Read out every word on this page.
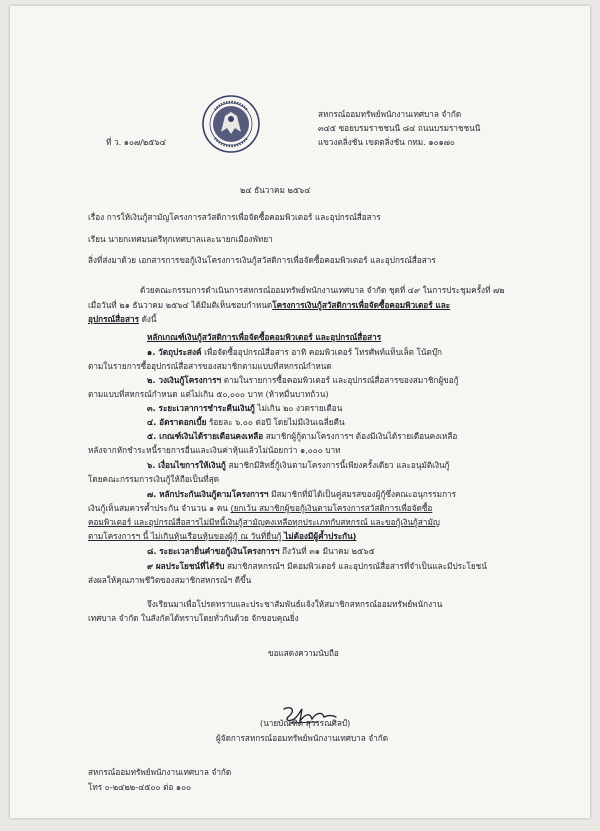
ที่ ว. ๑๐๗/๒๕๖๔
สหกรณ์ออมทรัพย์พนักงานเทศบาล จำกัด
๓๔๕ ซอยบรมราชชนนี ๘๔ ถนนบรมราชชนนี
แขวงตลิ่งชัน เขตตลิ่งชัน กทม. ๑๐๑๗๐
๒๔ ธันวาคม ๒๕๖๔
เรื่อง การให้เงินกู้สามัญโครงการสวัสดิการเพื่อจัดซื้อคอมพิวเตอร์ และอุปกรณ์สื่อสาร
เรียน นายกเทศมนตรีทุกเทศบาลและนายกเมืองพัทยา
สิ่งที่ส่งมาด้วย เอกสารการขอกู้เงินโครงการเงินกู้สวัสดิการเพื่อจัดซื้อคอมพิวเตอร์ และอุปกรณ์สื่อสาร
ด้วยคณะกรรมการดำเนินการสหกรณ์ออมทรัพย์พนักงานเทศบาล จำกัด ชุดที่ ๔๙ ในการประชุมครั้งที่ ๗๒
เมื่อวันที่ ๒๑ ธันวาคม ๒๕๖๔ ได้มีมติเห็นชอบกำหนดโครงการเงินกู้สวัสดิการเพื่อจัดซื้อคอมพิวเตอร์ และ
อุปกรณ์สื่อสาร ดังนี้
หลักเกณฑ์เงินกู้สวัสดิการเพื่อจัดซื้อคอมพิวเตอร์ และอุปกรณ์สื่อสาร
๑. วัตถุประสงค์ เพื่อจัดซื้ออุปกรณ์สื่อสาร อาทิ คอมพิวเตอร์ โทรศัพท์แท็บเล็ต โน้ตบุ๊ก
ตามในรายการซื้ออุปกรณ์สื่อสารของสมาชิกตามแบบที่สหกรณ์กำหนด
๒. วงเงินกู้โครงการฯ ตามในรายการซื้อคอมพิวเตอร์ และอุปกรณ์สื่อสารของสมาชิกผู้ขอกู้
ตามแบบที่สหกรณ์กำหนด แต่ไม่เกิน ๕๐,๐๐๐ บาท (ห้าหมื่นบาทถ้วน)
๓. ระยะเวลาการชำระคืนเงินกู้ ไม่เกิน ๒๐ งวดรายเดือน
๔. อัตราดอกเบี้ย ร้อยละ ๖.๐๐ ต่อปี โดยไม่มีเงินเฉลี่ยคืน
๕. เกณฑ์เงินได้รายเดือนคงเหลือ สมาชิกผู้กู้ตามโครงการฯ ต้องมีเงินได้รายเดือนคงเหลือ
หลังจากหักชำระหนี้รายการอื่นและเงินค่าหุ้นแล้วไม่น้อยกว่า ๑,๐๐๐ บาท
๖. เงื่อนไขการให้เงินกู้ สมาชิกมีสิทธิ์กู้เงินตามโครงการนี้เพียงครั้งเดียว และอนุมัติเงินกู้
โดยคณะกรรมการเงินกู้ให้ถือเป็นที่สุด
๗. หลักประกันเงินกู้ตามโครงการฯ มีสมาชิกที่มิได้เป็นคู่สมรสของผู้กู้ซึ่งคณะอนุกรรมการ
เงินกู้เห็นสมควรค้ำประกัน จำนวน ๑ คน (ยกเว้น สมาชิกผู้ขอกู้เงินตามโครงการสวัสดิการเพื่อจัดซื้อ
คอมพิวเตอร์ และอุปกรณ์สื่อสารไม่มีหนี้เงินกู้สามัญคงเหลือทุกประเภทกับสหกรณ์ และขอกู้เงินกู้สามัญ
ตามโครงการฯ นี้ ไม่เกินหุ้นเรือนหุ้นของผู้กู้ ณ วันที่ยื่นกู้ ไม่ต้องมีผู้ค้ำประกัน)
๘. ระยะเวลายื่นคำขอกู้เงินโครงการฯ ถึงวันที่ ๓๑ มีนาคม ๒๕๖๕
๙ ผลประโยชน์ที่ได้รับ สมาชิกสหกรณ์ฯ มีคอมพิวเตอร์ และอุปกรณ์สื่อสารที่จำเป็นและมีประโยชน์
ส่งผลให้คุณภาพชีวิตของสมาชิกสหกรณ์ฯ ดีขึ้น
จึงเรียนมาเพื่อโปรดทราบและประชาสัมพันธ์แจ้งให้สมาชิกสหกรณ์ออมทรัพย์พนักงาน
เทศบาล จำกัด ในสังกัดได้ทราบโดยทั่วกันด้วย จักขอบคุณยิ่ง
ขอแสดงความนับถือ
(นายบัณฑิต สุวรรณศิลป์)
ผู้จัดการสหกรณ์ออมทรัพย์พนักงานเทศบาล จำกัด
สหกรณ์ออมทรัพย์พนักงานเทศบาล จำกัด
โทร ๐-๒๔๒๒-๔๕๐๐ ต่อ ๑๐๐
